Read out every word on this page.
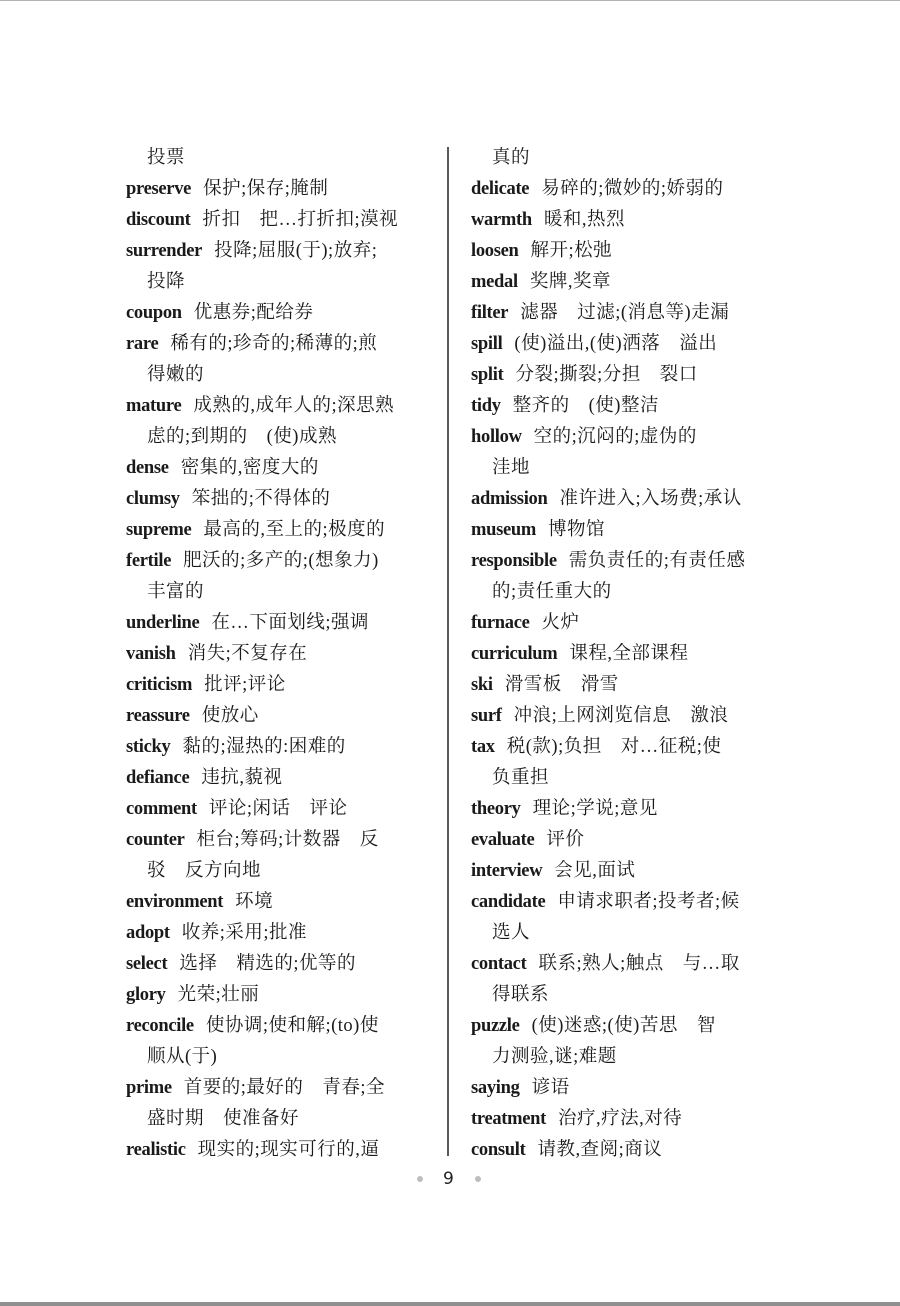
投票
preserve 保护;保存;腌制
discount 折扣　把…打折扣;漠视
surrender 投降;屈服(于);放弃;
投降
coupon 优惠券;配给券
rare 稀有的;珍奇的;稀薄的;煎
得嫩的
mature 成熟的,成年人的;深思熟
虑的;到期的　(使)成熟
dense 密集的,密度大的
clumsy 笨拙的;不得体的
supreme 最高的,至上的;极度的
fertile 肥沃的;多产的;(想象力)
丰富的
underline 在…下面划线;强调
vanish 消失;不复存在
criticism 批评;评论
reassure 使放心
sticky 黏的;湿热的:困难的
defiance 违抗,藐视
comment 评论;闲话　评论
counter 柜台;筹码;计数器　反
驳　反方向地
environment 环境
adopt 收养;采用;批准
select 选择　精选的;优等的
glory 光荣;壮丽
reconcile 使协调;使和解;(to)使
顺从(于)
prime 首要的;最好的　青春;全
盛时期　使准备好
realistic 现实的;现实可行的,逼
真的
delicate 易碎的;微妙的;娇弱的
warmth 暖和,热烈
loosen 解开;松弛
medal 奖牌,奖章
filter 滤器　过滤;(消息等)走漏
spill (使)溢出,(使)洒落　溢出
split 分裂;撕裂;分担　裂口
tidy 整齐的　(使)整洁
hollow 空的;沉闷的;虚伪的
洼地
admission 准许进入;入场费;承认
museum 博物馆
responsible 需负责任的;有责任感
的;责任重大的
furnace 火炉
curriculum 课程,全部课程
ski 滑雪板　滑雪
surf 冲浪;上网浏览信息　激浪
tax 税(款);负担　对…征税;使
负重担
theory 理论;学说;意见
evaluate 评价
interview 会见,面试
candidate 申请求职者;投考者;候
选人
contact 联系;熟人;触点　与…取
得联系
puzzle (使)迷惑;(使)苦思　智
力测验,谜;难题
saying 谚语
treatment 治疗,疗法,对待
consult 请教,查阅;商议
9
